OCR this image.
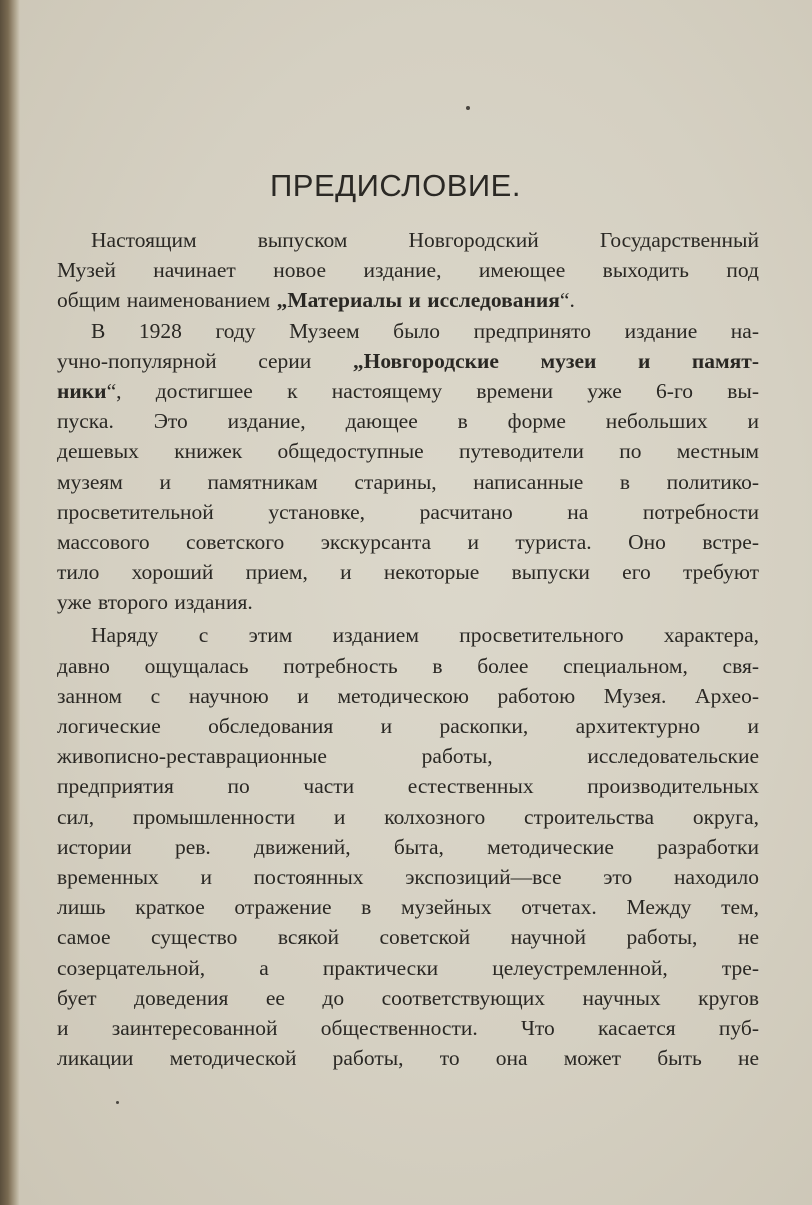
ПРЕДИСЛОВИЕ.
Настоящим выпуском Новгородский Государственный
Музей начинает новое издание, имеющее выходить под
общим наименованием „Материалы и исследования“.
В 1928 году Музеем было предпринято издание на-
учно-популярной серии „Новгородские музеи и памят-
ники“, достигшее к настоящему времени уже 6-го вы-
пуска. Это издание, дающее в форме небольших и
дешевых книжек общедоступные путеводители по местным
музеям и памятникам старины, написанные в политико-
просветительной установке, расчитано на потребности
массового советского экскурсанта и туриста. Оно встре-
тило хороший прием, и некоторые выпуски его требуют
уже второго издания.
Наряду с этим изданием просветительного характера,
давно ощущалась потребность в более специальном, свя-
занном с научною и методическою работою Музея. Архео-
логические обследования и раскопки, архитектурно и
живописно-реставрационные работы, исследовательские
предприятия по части естественных производительных
сил, промышленности и колхозного строительства округа,
истории рев. движений, быта, методические разработки
временных и постоянных экспозиций—все это находило
лишь краткое отражение в музейных отчетах. Между тем,
самое существо всякой советской научной работы, не
созерцательной, а практически целеустремленной, тре-
бует доведения ее до соответствующих научных кругов
и заинтересованной общественности. Что касается пуб-
ликации методической работы, то она может быть не
